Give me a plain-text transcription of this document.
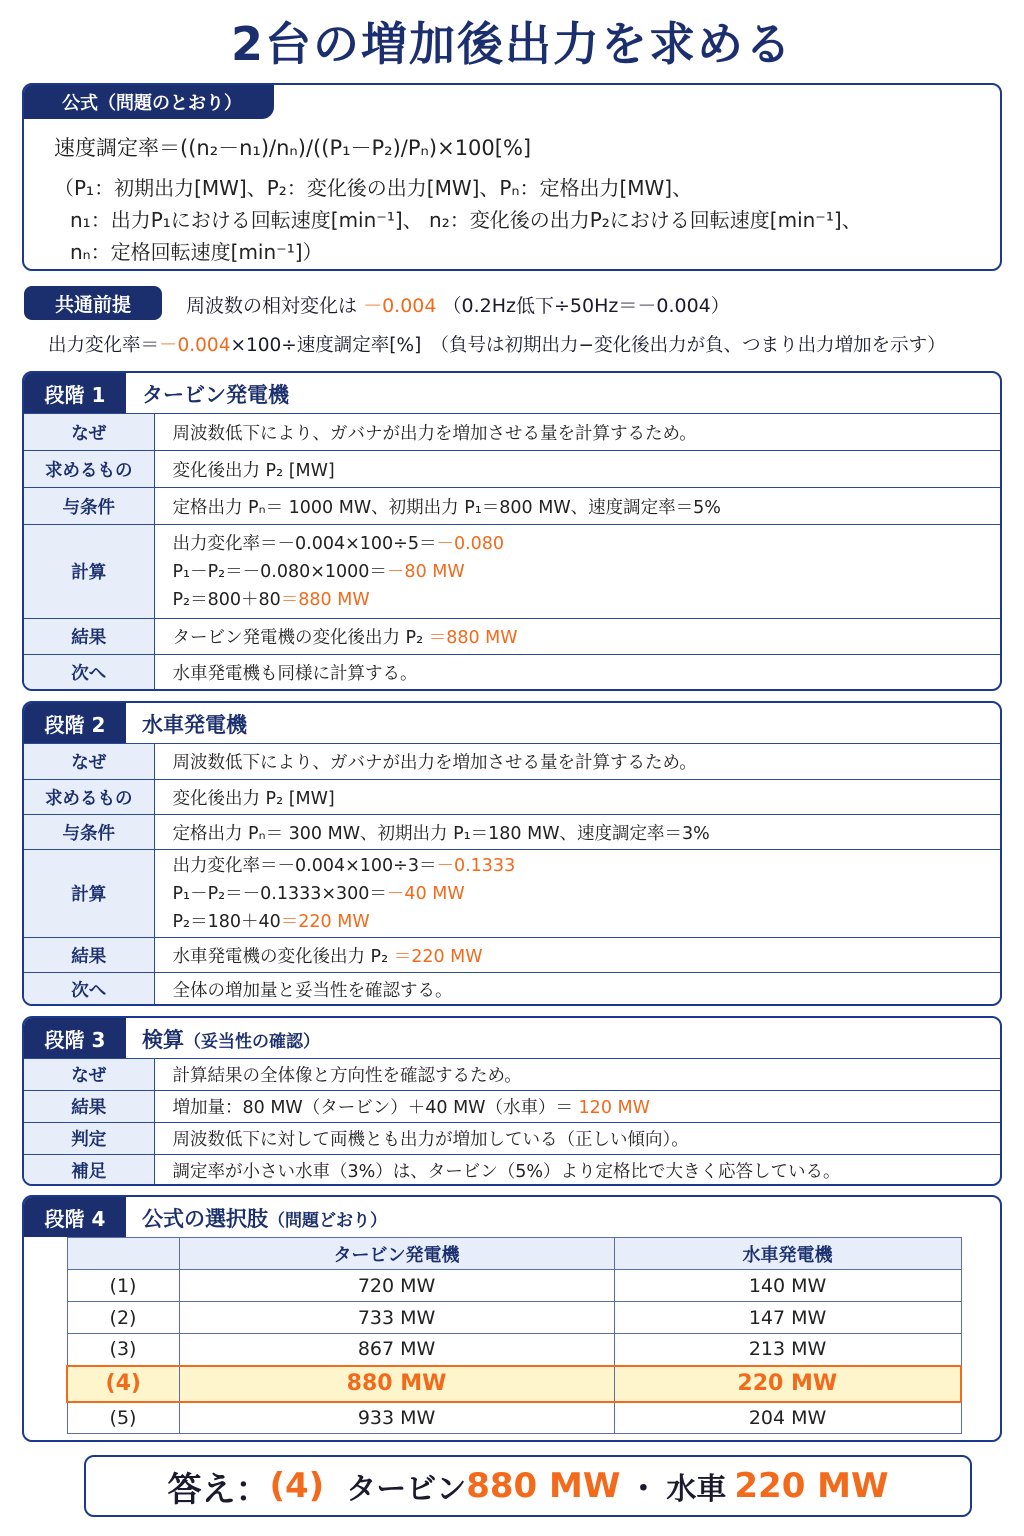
2台の増加後出力を求める
公式（問題のとおり）
速度調定率＝((n₂－n₁)/nₙ)/((P₁－P₂)/Pₙ)×100[%]
（P₁：初期出力[MW]、P₂：変化後の出力[MW]、Pₙ：定格出力[MW]、
n₁：出力P₁における回転速度[min⁻¹]、 n₂：変化後の出力P₂における回転速度[min⁻¹]、
nₙ：定格回転速度[min⁻¹]）
共通前提	周波数の相対変化は －0.004 （0.2Hz低下÷50Hz＝－0.004）
出力変化率＝－0.004×100÷速度調定率[%]　（負号は初期出力−変化後出力が負、つまり出力増加を示す）
段階 1	タービン発電機
なぜ	周波数低下により、ガバナが出力を増加させる量を計算するため。
求めるもの	変化後出力 P₂ [MW]
与条件	定格出力 Pₙ＝ 1000 MW、初期出力 P₁＝800 MW、速度調定率＝5%
計算	出力変化率＝－0.004×100÷5＝－0.080
P₁－P₂＝－0.080×1000＝－80 MW
P₂＝800＋80＝880 MW

結果	タービン発電機の変化後出力 P₂ ＝880 MW
次へ	水車発電機も同様に計算する。
段階 2	水車発電機
なぜ	周波数低下により、ガバナが出力を増加させる量を計算するため。
求めるもの	変化後出力 P₂ [MW]
与条件	定格出力 Pₙ＝ 300 MW、初期出力 P₁＝180 MW、速度調定率＝3%
計算	出力変化率＝－0.004×100÷3＝－0.1333
P₁－P₂＝－0.1333×300＝－40 MW
P₂＝180＋40＝220 MW

結果	水車発電機の変化後出力 P₂ ＝220 MW
次へ	全体の増加量と妥当性を確認する。
段階 3	検算（妥当性の確認）
なぜ	計算結果の全体像と方向性を確認するため。
結果	増加量：80 MW（タービン）＋40 MW（水車）＝ 120 MW
判定	周波数低下に対して両機とも出力が増加している（正しい傾向）。
補足	調定率が小さい水車（3%）は、タービン（5%）より定格比で大きく応答している。
段階 4	公式の選択肢（問題どおり）
	タービン発電機	水車発電機
(1)	720 MW	140 MW
(2)	733 MW	147 MW
(3)	867 MW	213 MW
(4)	880 MW	220 MW
(5)	933 MW	204 MW
答え： (4) タービン 880 MW ・ 水車 220 MW
